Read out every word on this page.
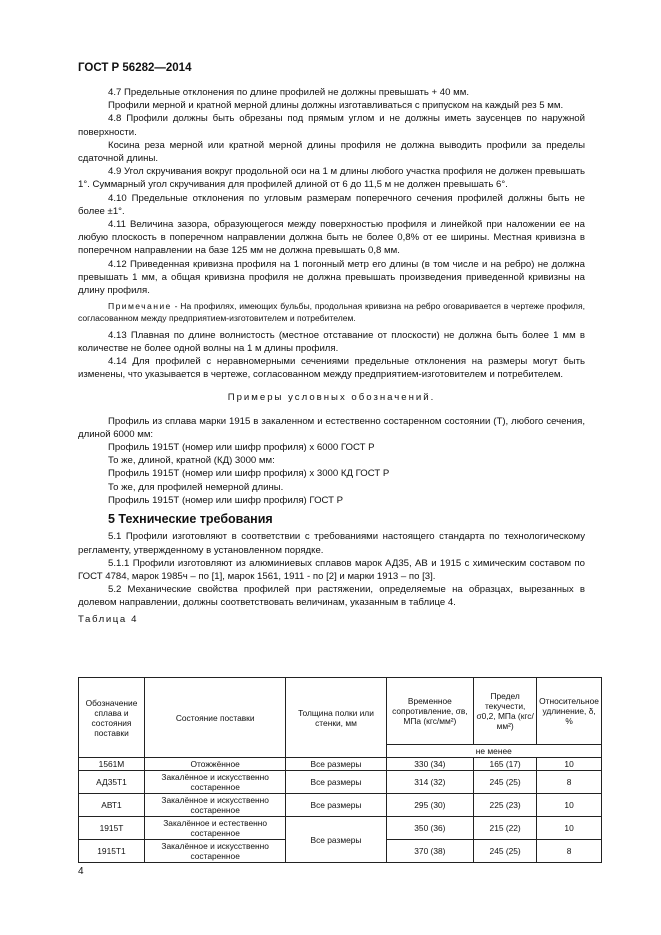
ГОСТ Р 56282—2014

4.7 Предельные отклонения по длине профилей не должны превышать + 40 мм.

Профили мерной и кратной мерной длины должны изготавливаться с припуском на каждый рез 5 мм.

4.8 Профили должны быть обрезаны под прямым углом и не должны иметь заусенцев по наружной поверхности.

Косина реза мерной или кратной мерной длины профиля не должна выводить профили за пределы сдаточной длины.

4.9 Угол скручивания вокруг продольной оси на 1 м длины любого участка профиля не должен превышать 1°. Суммарный угол скручивания для профилей длиной от 6 до 11,5 м не должен превышать 6°.

4.10 Предельные отклонения по угловым размерам поперечного сечения профилей должны быть не более ±1°.

4.11 Величина зазора, образующегося между поверхностью профиля и линейкой при наложении ее на любую плоскость в поперечном направлении должна быть не более 0,8% от ее ширины. Местная кривизна в поперечном направлении на базе 125 мм не должна превышать 0,8 мм.

4.12 Приведенная кривизна профиля на 1 погонный метр его длины (в том числе и на ребро) не должна превышать 1 мм, а общая кривизна профиля не должна превышать произведения приведенной кривизны на длину профиля.

Примечание - На профилях, имеющих бульбы, продольная кривизна на ребро оговаривается в чертеже профиля, согласованном между предприятием-изготовителем и потребителем.

4.13 Плавная по длине волнистость (местное отставание от плоскости) не должна быть более 1 мм в количестве не более одной волны на 1 м длины профиля.

4.14 Для профилей с неравномерными сечениями предельные отклонения на размеры могут быть изменены, что указывается в чертеже, согласованном между предприятием-изготовителем и потребителем.

Примеры условных обозначений.

Профиль из сплава марки 1915 в закаленном и естественно состаренном состоянии (Т), любого сечения, длиной 6000 мм:

Профиль 1915Т (номер или шифр профиля) х 6000 ГОСТ Р

То же, длиной, кратной (КД) 3000 мм:

Профиль 1915Т (номер или шифр профиля) х 3000 КД ГОСТ Р

То же, для профилей немерной длины.

Профиль 1915Т (номер или шифр профиля) ГОСТ Р

5 Технические требования

5.1 Профили изготовляют в соответствии с требованиями настоящего стандарта по технологическому регламенту, утвержденному в установленном порядке.

5.1.1 Профили изготовляют из алюминиевых сплавов марок АД35, АВ и 1915 с химическим составом по ГОСТ 4784, марок 1985ч – по [1], марок 1561, 1911 - по [2] и марки 1913 – по [3].

5.2 Механические свойства профилей при растяжении, определяемые на образцах, вырезанных в долевом направлении, должны соответствовать величинам, указанным в таблице 4.

Таблица 4

Обозначение сплава и состояния поставки	Состояние поставки	Толщина полки или стенки, мм	Временное сопротивление, σв, МПа (кгс/мм²)	Предел текучести, σ0,2, МПа (кгс/мм²)	Относительное удлинение, δ, %
			не менее		
1561М	Отожжённое	Все размеры	330 (34)	165 (17)	10
АД35Т1	Закалённое и искусственно состаренное	Все размеры	314 (32)	245 (25)	8
АВТ1	Закалённое и искусственно состаренное	Все размеры	295 (30)	225 (23)	10
1915Т	Закалённое и естественно состаренное	Все размеры	350 (36)	215 (22)	10
1915Т1	Закалённое и искусственно состаренное		370 (38)	245 (25)	8
4
